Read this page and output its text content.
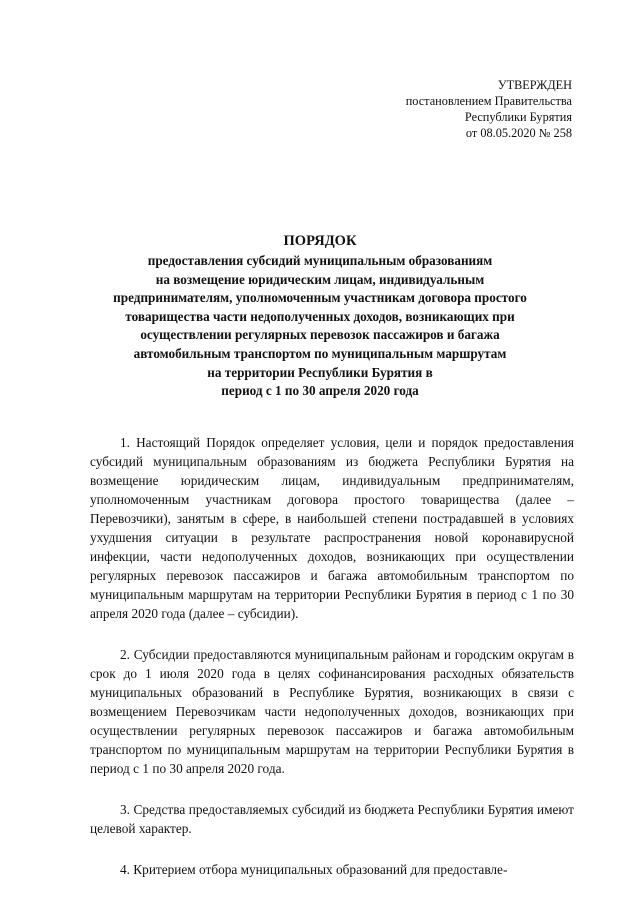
УТВЕРЖДЕН
постановлением Правительства
Республики Бурятия
от 08.05.2020 № 258
ПОРЯДОК
предоставления субсидий муниципальным образованиям
на возмещение юридическим лицам, индивидуальным
предпринимателям, уполномоченным участникам договора простого
товарищества части недополученных доходов, возникающих при
осуществлении регулярных перевозок пассажиров и багажа
автомобильным транспортом по муниципальным маршрутам
на территории Республики Бурятия в
период с 1 по 30 апреля 2020 года

1. Настоящий Порядок определяет условия, цели и порядок предоставления субсидий муниципальным образованиям из бюджета Республики Бурятия на возмещение юридическим лицам, индивидуальным предпринимателям, уполномоченным участникам договора простого товарищества (далее – Перевозчики), занятым в сфере, в наибольшей степени пострадавшей в условиях ухудшения ситуации в результате распространения новой коронавирусной инфекции, части недополученных доходов, возникающих при осуществлении регулярных перевозок пассажиров и багажа автомобильным транспортом по муниципальным маршрутам на территории Республики Бурятия в период с 1 по 30 апреля 2020 года (далее – субсидии).

2. Субсидии предоставляются муниципальным районам и городским округам в срок до 1 июля 2020 года в целях софинансирования расходных обязательств муниципальных образований в Республике Бурятия, возникающих в связи с возмещением Перевозчикам части недополученных доходов, возникающих при осуществлении регулярных перевозок пассажиров и багажа автомобильным транспортом по муниципальным маршрутам на территории Республики Бурятия в период с 1 по 30 апреля 2020 года.

3. Средства предоставляемых субсидий из бюджета Республики Бурятия имеют целевой характер.

4. Критерием отбора муниципальных образований для предоставле-
